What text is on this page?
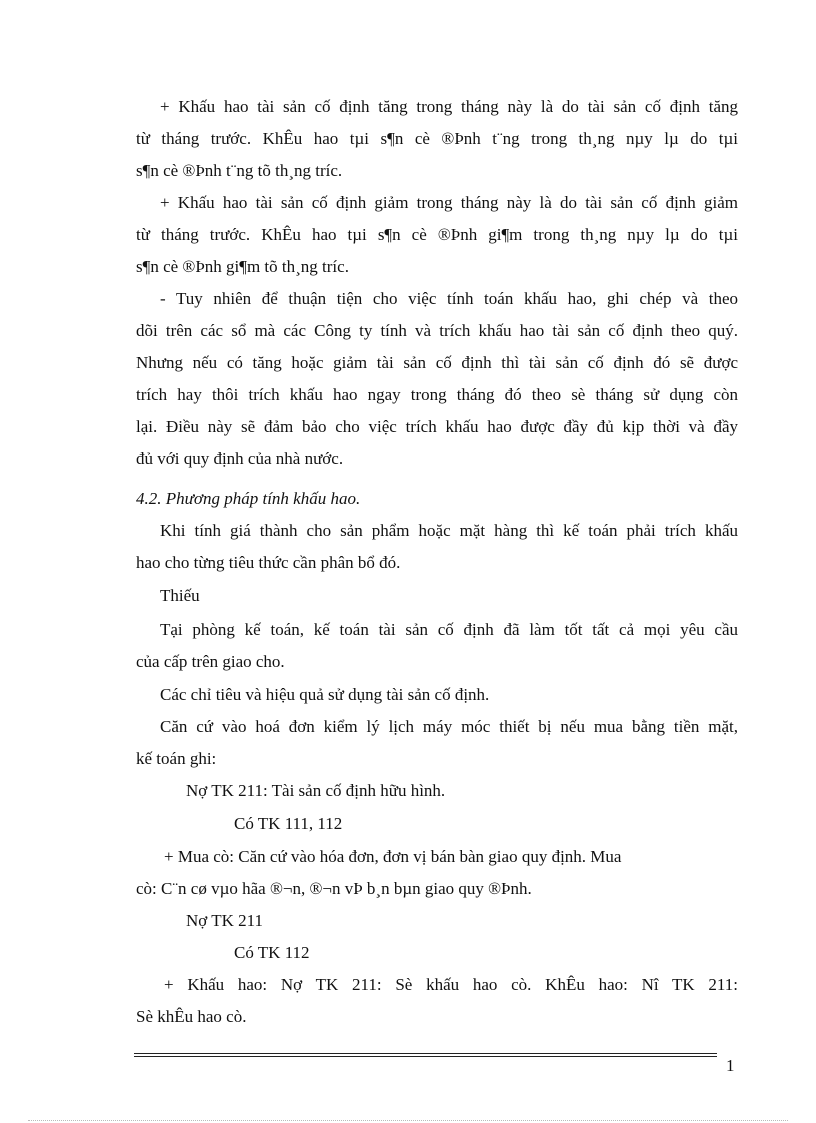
+ Khấu hao tài sản cố định tăng trong tháng này là do tài sản cố định tăng
từ tháng trước. KhÊu hao tµi s¶n cè ®Þnh t¨ng trong th¸ng nµy lµ do tµi
s¶n cè ®Þnh t¨ng tõ th¸ng tríc.
+ Khấu hao tài sản cố định giảm trong tháng này là do tài sản cố định giảm
từ tháng trước. KhÊu hao tµi s¶n cè ®Þnh gi¶m trong th¸ng nµy lµ do tµi
s¶n cè ®Þnh gi¶m tõ th¸ng tríc.
- Tuy nhiên để thuận tiện cho việc tính toán khấu hao, ghi chép và theo
dõi trên các sổ mà các Công ty tính và trích khấu hao tài sản cố định theo quý.
Nhưng nếu có tăng hoặc giảm tài sản cố định thì tài sản cố định đó sẽ được
trích hay thôi trích khấu hao ngay trong tháng đó theo sè tháng sử dụng còn
lại. Điều này sẽ đảm bảo cho việc trích khấu hao được đầy đủ kịp thời và đầy
đủ với quy định của nhà nước.
4.2. Phương pháp tính khấu hao.
Khi tính giá thành cho sản phẩm hoặc mặt hàng thì kế toán phải trích khấu
hao cho từng tiêu thức cần phân bổ đó.
Thiếu
Tại phòng kế toán, kế toán tài sản cố định đã làm tốt tất cả mọi yêu cầu
của cấp trên giao cho.
Các chỉ tiêu và hiệu quả sử dụng tài sản cố định.
Căn cứ vào hoá đơn kiểm lý lịch máy móc thiết bị nếu mua bằng tiền mặt,
kế toán ghi:
Nợ TK 211: Tài sản cố định hữu hình.
Có TK 111, 112
+ Mua cò: Căn cứ vào hóa đơn, đơn vị bán bàn giao quy định. Mua
cò: C¨n cø vµo hãa ®¬n, ®¬n vÞ b¸n bµn giao quy ®Þnh.
Nợ TK 211
Có TK 112
+ Khấu hao: Nợ TK 211: Sè khấu hao cò. KhÊu hao: Nî TK 211:
Sè khÊu hao cò.
1
